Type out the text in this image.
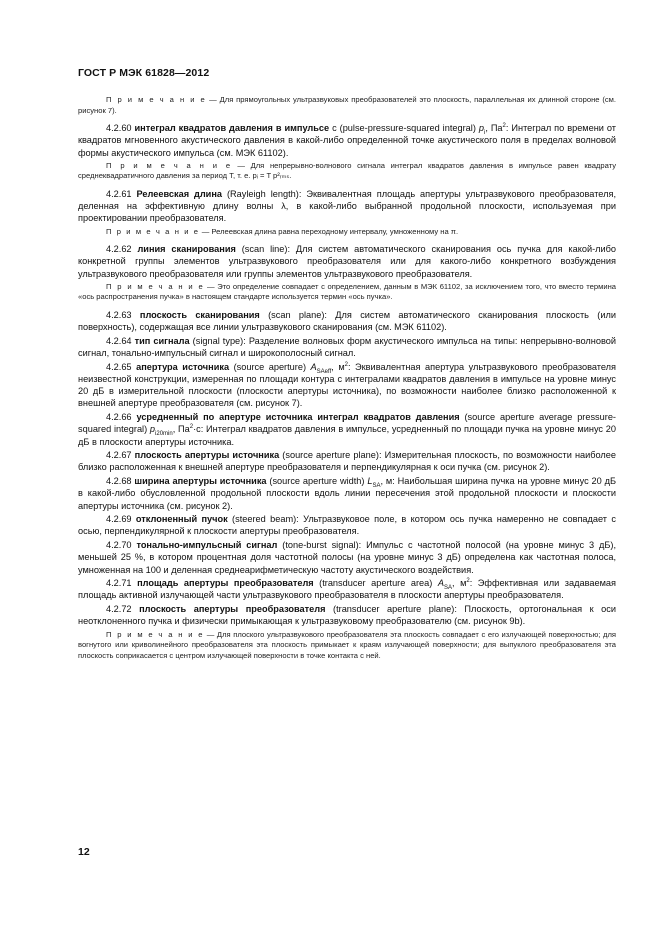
ГОСТ Р МЭК 61828—2012

П р и м е ч а н и е — Для прямоугольных ультразвуковых преобразователей это плоскость, параллельная их длинной стороне (см. рисунок 7).

4.2.60 интеграл квадратов давления в импульсе с (pulse-pressure-squared integral) $p_i$, $Па^2$: Интеграл по времени от квадратов мгновенного акустического давления в какой-либо определенной точке акустического поля в пределах волновой формы акустического импульса (см. МЭК 61102).

П р и м е ч а н и е — Для непрерывно-волнового сигнала интеграл квадратов давления в импульсе равен квадрату среднеквадратичного давления за период T, т. е. pᵢ = T p²ᵣₘₛ.

4.2.61 Релеевская длина (Rayleigh length): Эквивалентная площадь апертуры ультразвукового преобразователя, деленная на эффективную длину волны λ, в какой-либо выбранной продольной плоскости, используемая при проектировании преобразователя.

П р и м е ч а н и е — Релеевская длина равна переходному интервалу, умноженному на π.

4.2.62 линия сканирования (scan line): Для систем автоматического сканирования ось пучка для какой-либо конкретной группы элементов ультразвукового преобразователя или для какого-либо конкретного возбуждения ультразвукового преобразователя или группы элементов ультразвукового преобразователя.

П р и м е ч а н и е — Это определение совпадает с определением, данным в МЭК 61102, за исключением того, что вместо термина «ось распространения пучка» в настоящем стандарте используется термин «ось пучка».

4.2.63 плоскость сканирования (scan plane): Для систем автоматического сканирования плоскость (или поверхность), содержащая все линии ультразвукового сканирования (см. МЭК 61102).

4.2.64 тип сигнала (signal type): Разделение волновых форм акустического импульса на типы: непрерывно-волновой сигнал, тонально-импульсный сигнал и широкополосный сигнал.

4.2.65 апертура источника (source aperture) $A_{SAeff}$, $м^2$: Эквивалентная апертура ультразвукового преобразователя неизвестной конструкции, измеренная по площади контура с интегралами квадратов давления в импульсе на уровне минус 20 дБ в измерительной плоскости (плоскости апертуры источника), по возможности наиболее близко расположенной к внешней апертуре преобразователя (см. рисунок 7).

4.2.66 усредненный по апертуре источника интеграл квадратов давления (source aperture average pressure-squared integral) $p_{i20min}$, $Па^2\cdot с$: Интеграл квадратов давления в импульсе, усредненный по площади пучка на уровне минус 20 дБ в плоскости апертуры источника.

4.2.67 плоскость апертуры источника (source aperture plane): Измерительная плоскость, по возможности наиболее близко расположенная к внешней апертуре преобразователя и перпендикулярная к оси пучка (см. рисунок 2).

4.2.68 ширина апертуры источника (source aperture width) $L_{SA}$, м: Наибольшая ширина пучка на уровне минус 20 дБ в какой-либо обусловленной продольной плоскости вдоль линии пересечения этой продольной плоскости и плоскости апертуры источника (см. рисунок 2).

4.2.69 отклоненный пучок (steered beam): Ультразвуковое поле, в котором ось пучка намеренно не совпадает с осью, перпендикулярной к плоскости апертуры преобразователя.

4.2.70 тонально-импульсный сигнал (tone-burst signal): Импульс с частотной полосой (на уровне минус 3 дБ), меньшей 25 %, в котором процентная доля частотной полосы (на уровне минус 3 дБ) определена как частотная полоса, умноженная на 100 и деленная среднеарифметическую частоту акустического воздействия.

4.2.71 площадь апертуры преобразователя (transducer aperture area) $A_{SA}$, $м^2$: Эффективная или задаваемая площадь активной излучающей части ультразвукового преобразователя в плоскости апертуры преобразователя.

4.2.72 плоскость апертуры преобразователя (transducer aperture plane): Плоскость, ортогональная к оси неотклоненного пучка и физически примыкающая к ультразвуковому преобразователю (см. рисунок 9b).

П р и м е ч а н и е — Для плоского ультразвукового преобразователя эта плоскость совпадает с его излучающей поверхностью; для вогнутого или криволинейного преобразователя эта плоскость примыкает к краям излучающей поверхности; для выпуклого преобразователя эта плоскость соприкасается с центром излучающей поверхности в точке контакта с ней.

12
